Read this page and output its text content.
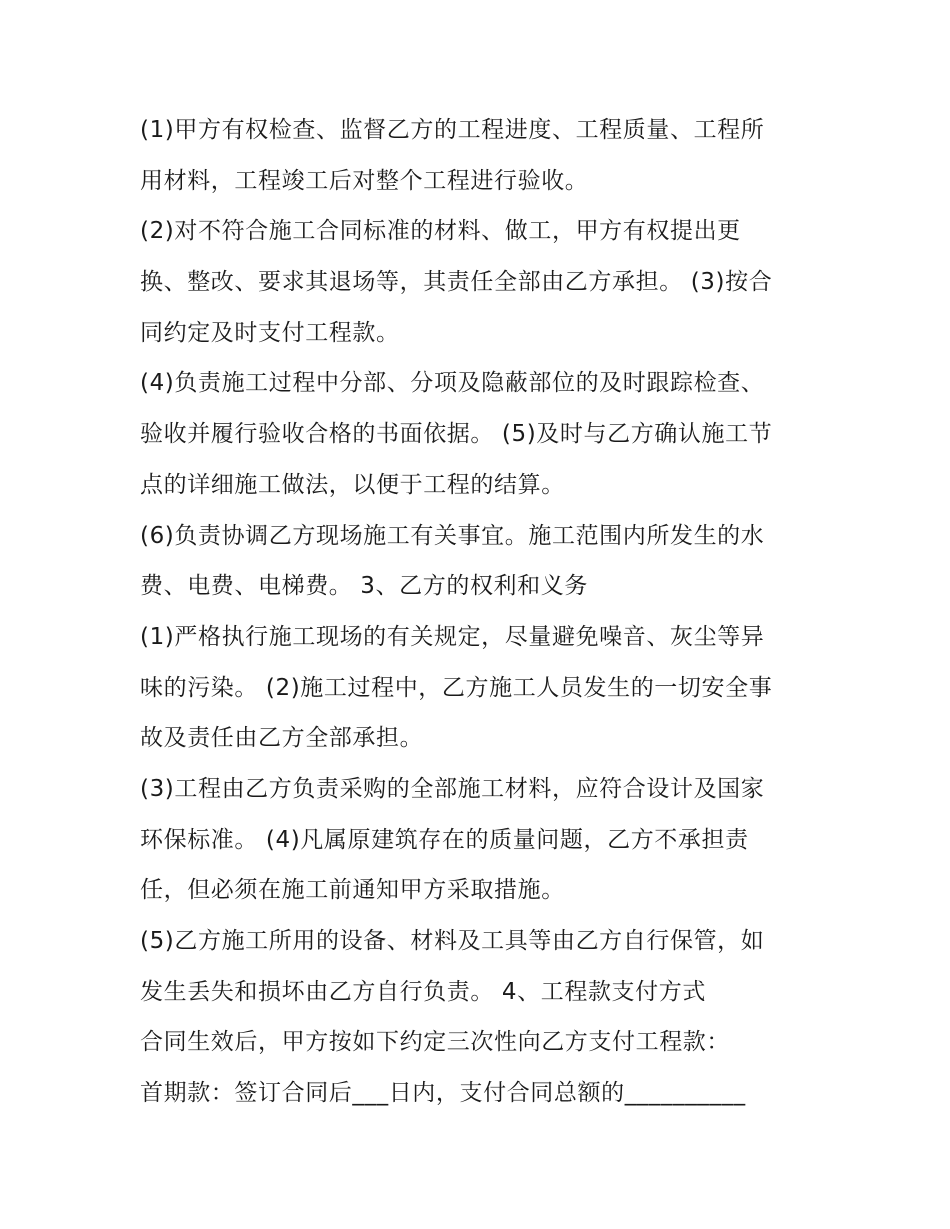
(1)甲方有权检查、监督乙方的工程进度、工程质量、工程所
用材料，工程竣工后对整个工程进行验收。
(2)对不符合施工合同标准的材料、做工，甲方有权提出更
换、整改、要求其退场等，其责任全部由乙方承担。 (3)按合
同约定及时支付工程款。
(4)负责施工过程中分部、分项及隐蔽部位的及时跟踪检查、
验收并履行验收合格的书面依据。 (5)及时与乙方确认施工节
点的详细施工做法，以便于工程的结算。
(6)负责协调乙方现场施工有关事宜。施工范围内所发生的水
费、电费、电梯费。 3、乙方的权利和义务
(1)严格执行施工现场的有关规定，尽量避免噪音、灰尘等异
味的污染。 (2)施工过程中，乙方施工人员发生的一切安全事
故及责任由乙方全部承担。
(3)工程由乙方负责采购的全部施工材料，应符合设计及国家
环保标准。 (4)凡属原建筑存在的质量问题，乙方不承担责
任，但必须在施工前通知甲方采取措施。
(5)乙方施工所用的设备、材料及工具等由乙方自行保管，如
发生丢失和损坏由乙方自行负责。 4、工程款支付方式
合同生效后，甲方按如下约定三次性向乙方支付工程款：
首期款：签订合同后___日内，支付合同总额的__________
